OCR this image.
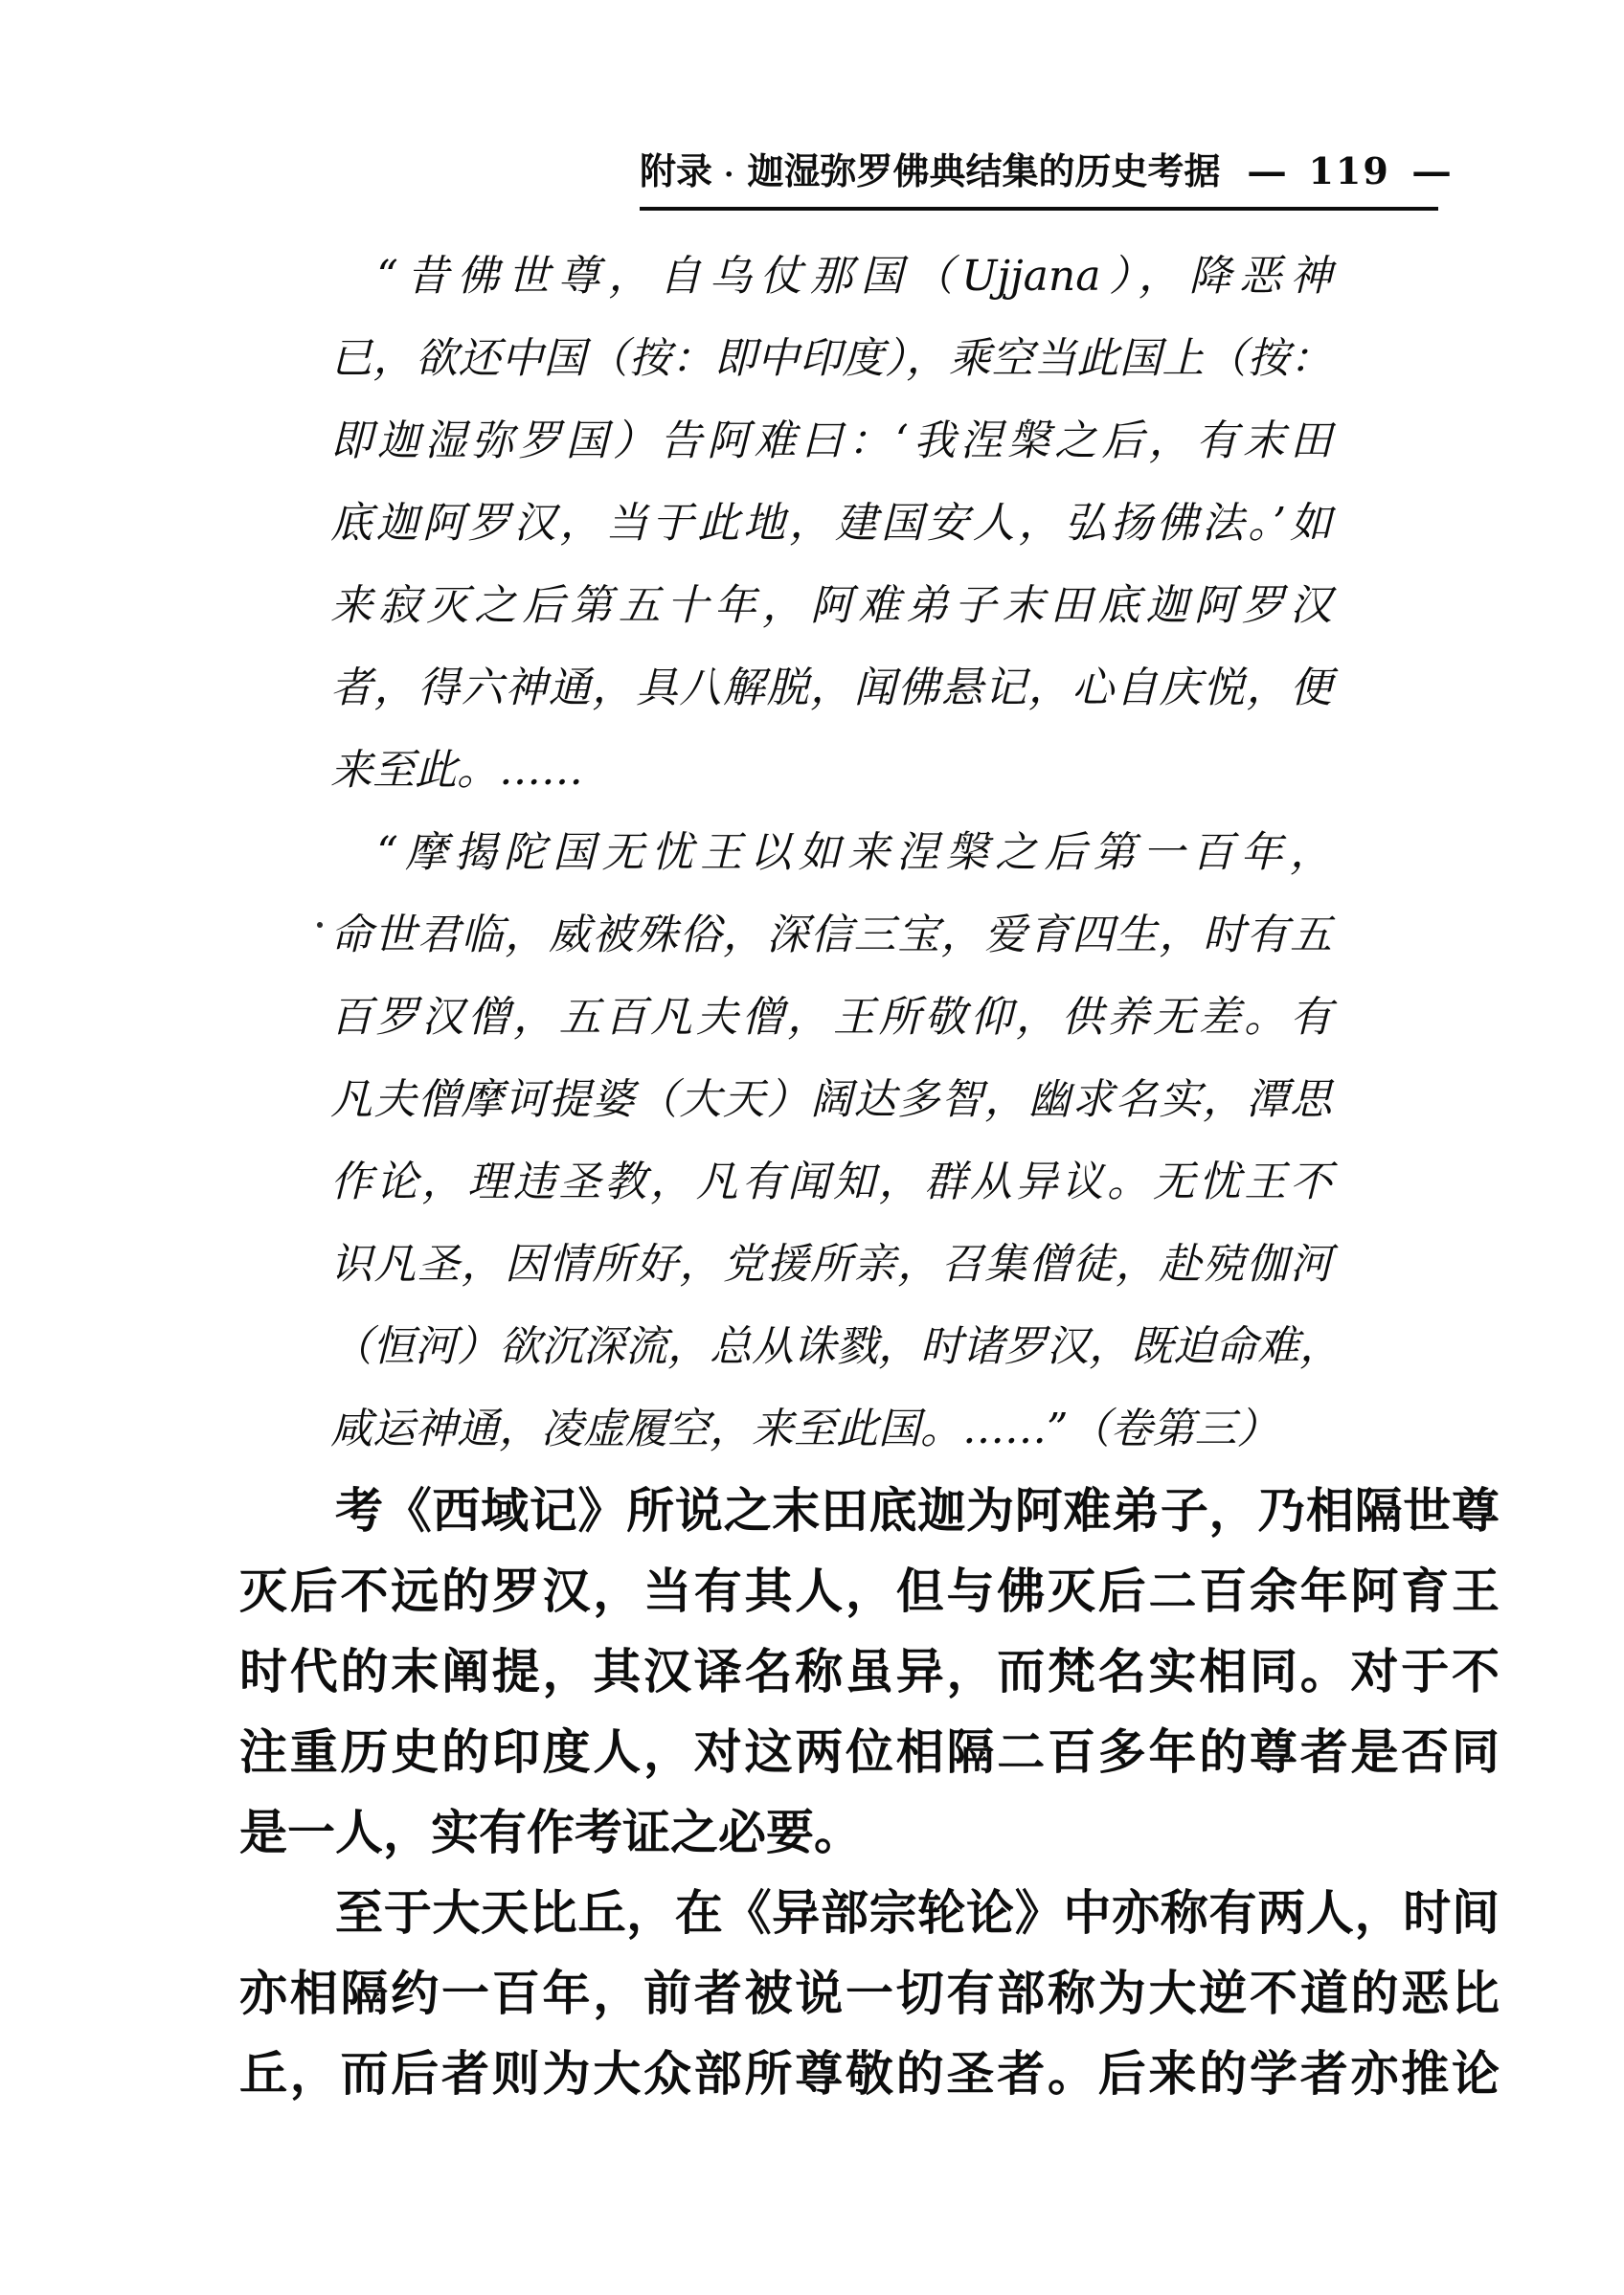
附录 · 迦湿弥罗佛典结集的历史考据 — 119 —
“昔佛世尊，自乌仗那国（Ujjana），降恶神
已，欲还中国（按：即中印度），乘空当此国上（按：
即迦湿弥罗国）告阿难曰：‘我涅槃之后，有末田
底迦阿罗汉，当于此地，建国安人，弘扬佛法。’如
来寂灭之后第五十年，阿难弟子末田底迦阿罗汉
者，得六神通，具八解脱，闻佛悬记，心自庆悦，便
来至此。……
“摩揭陀国无忧王以如来涅槃之后第一百年，
命世君临，威被殊俗，深信三宝，爱育四生，时有五
百罗汉僧，五百凡夫僧，王所敬仰，供养无差。有
凡夫僧摩诃提婆（大天）阔达多智，幽求名实，潭思
作论，理违圣教，凡有闻知，群从异议。无忧王不
识凡圣，因情所好，党援所亲，召集僧徒，赴殑伽河
（恒河）欲沉深流，总从诛戮，时诸罗汉，既迫命难，
咸运神通，凌虚履空，来至此国。……”（卷第三）
考《西域记》所说之末田底迦为阿难弟子，乃相隔世尊
灭后不远的罗汉，当有其人，但与佛灭后二百余年阿育王
时代的末阐提，其汉译名称虽异，而梵名实相同。对于不
注重历史的印度人，对这两位相隔二百多年的尊者是否同
是一人，实有作考证之必要。
至于大天比丘，在《异部宗轮论》中亦称有两人，时间
亦相隔约一百年，前者被说一切有部称为大逆不道的恶比
丘，而后者则为大众部所尊敬的圣者。后来的学者亦推论
